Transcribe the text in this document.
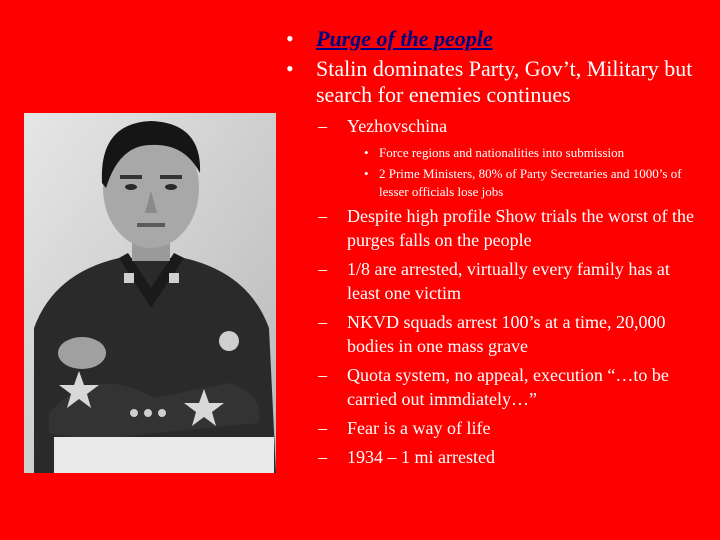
• Purge of the people
• Stalin dominates Party, Gov’t, Military but search for enemies continues
– Yezhovschina
• Force regions and nationalities into submission
• 2 Prime Ministers, 80% of Party Secretaries and 1000’s of lesser officials lose jobs
– Despite high profile Show trials the worst of the purges falls on the people
– 1/8 are arrested, virtually every family has at least one victim
– NKVD squads arrest 100’s at a time, 20,000 bodies in one mass grave
– Quota system, no appeal, execution “…to be carried out immdiately…”
– Fear is a way of life
– 1934 – 1 mi arrested
